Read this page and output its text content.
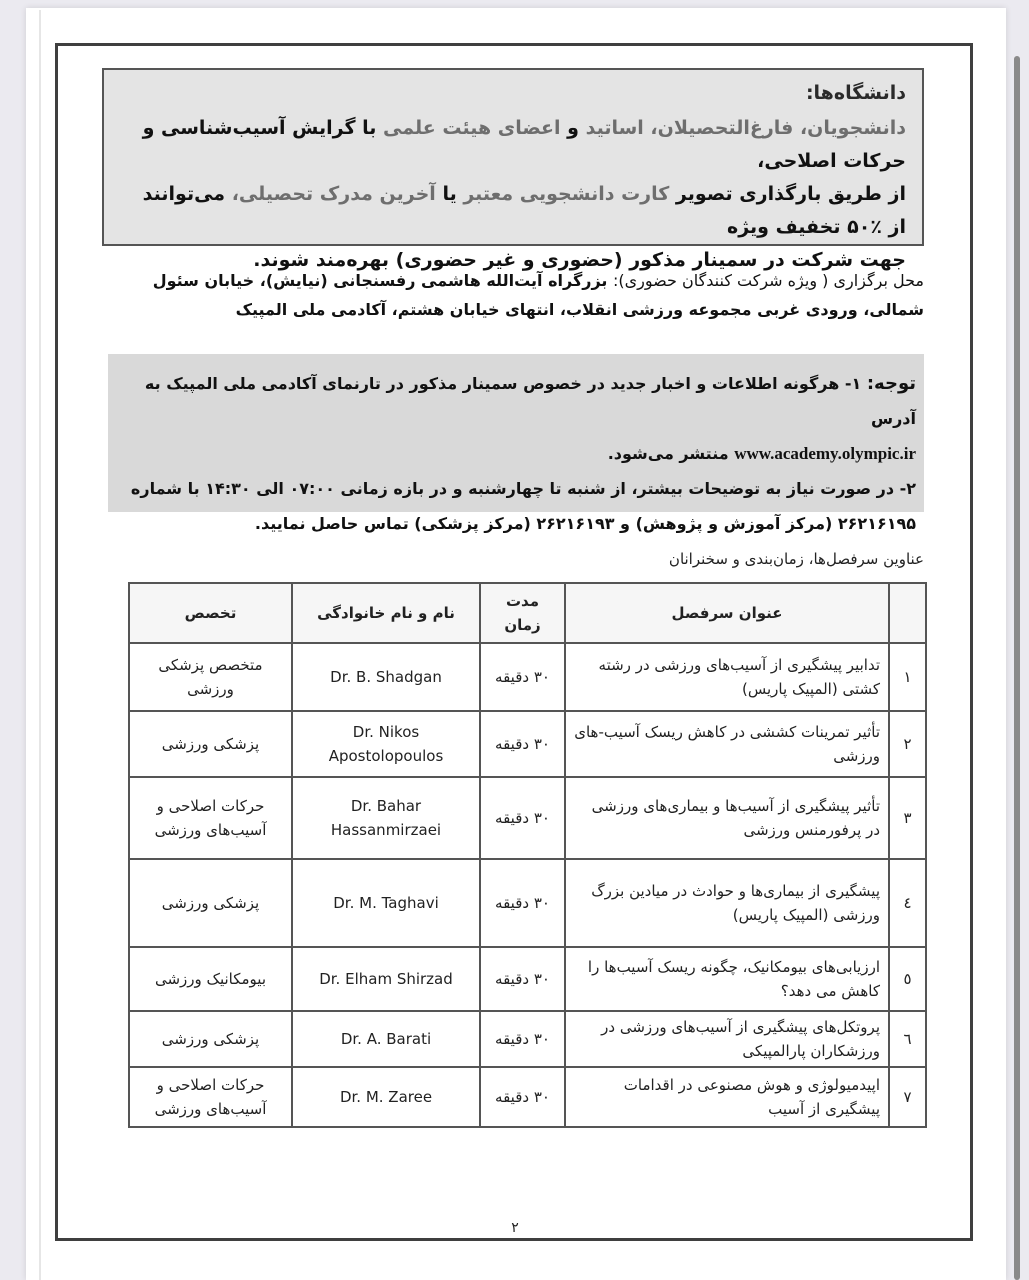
دانشگاه‌ها:
دانشجویان، فارغ‌التحصیلان، اساتید و اعضای هیئت علمی با گرایش آسیب‌شناسی و حرکات اصلاحی،
از طریق بارگذاری تصویر کارت دانشجویی معتبر یا آخرین مدرک تحصیلی، می‌توانند از ٪۵۰ تخفیف ویژه
جهت شرکت در سمینار مذکور (حضوری و غیر حضوری) بهره‌مند شوند.
محل برگزاری ( ویژه شرکت کنندگان حضوری): بزرگراه آیت‌الله هاشمی رفسنجانی (نیایش)، خیابان سئول شمالی، ورودی غربی مجموعه ورزشی انقلاب، انتهای خیابان هشتم، آکادمی ملی المپیک
توجه: ۱- هرگونه اطلاعات و اخبار جدید در خصوص سمینار مذکور در تارنمای آکادمی ملی المپیک به آدرس
www.academy.olympic.ir منتشر می‌شود.
۲- در صورت نیاز به توضیحات بیشتر، از شنبه تا چهارشنبه و در بازه زمانی ۰۷:۰۰ الی ۱۴:۳۰ با شماره ۲۶۲۱۶۱۹۵ (مرکز آموزش و پژوهش) و ۲۶۲۱۶۱۹۳ (مرکز پزشکی) تماس حاصل نمایید.
عناوین سرفصل‌ها، زمان‌بندی و سخنرانان
	عنوان سرفصل	مدت زمان	نام و نام خانوادگی	تخصص
۱	تدابیر پیشگیری از آسیب‌های ورزشی در رشته کشتی (المپیک پاریس)	۳۰ دقیقه	Dr. B. Shadgan	متخصص پزشکی ورزشی
۲	تأثیر تمرینات کششی در کاهش ریسک آسیب-های ورزشی	۳۰ دقیقه	Dr. Nikos Apostolopoulos	پزشکی ورزشی
۳	تأثیر پیشگیری از آسیب‌ها و بیماری‌های ورزشی در پرفورمنس ورزشی	۳۰ دقیقه	Dr. Bahar Hassanmirzaei	حرکات اصلاحی و آسیب‌های ورزشی
٤	پیشگیری از بیماری‌ها و حوادث در میادین بزرگ ورزشی (المپیک پاریس)	۳۰ دقیقه	Dr. M. Taghavi	پزشکی ورزشی
٥	ارزیابی‌های بیومکانیک، چگونه ریسک آسیب‌ها را کاهش می دهد؟	۳۰ دقیقه	Dr. Elham Shirzad	بیومکانیک ورزشی
٦	پروتکل‌های پیشگیری از آسیب‌های ورزشی در ورزشکاران پارالمپیکی	۳۰ دقیقه	Dr. A. Barati	پزشکی ورزشی
۷	اپیدمیولوژی و هوش مصنوعی در اقدامات پیشگیری از آسیب	۳۰ دقیقه	Dr. M. Zaree	حرکات اصلاحی و آسیب‌های ورزشی
۲
